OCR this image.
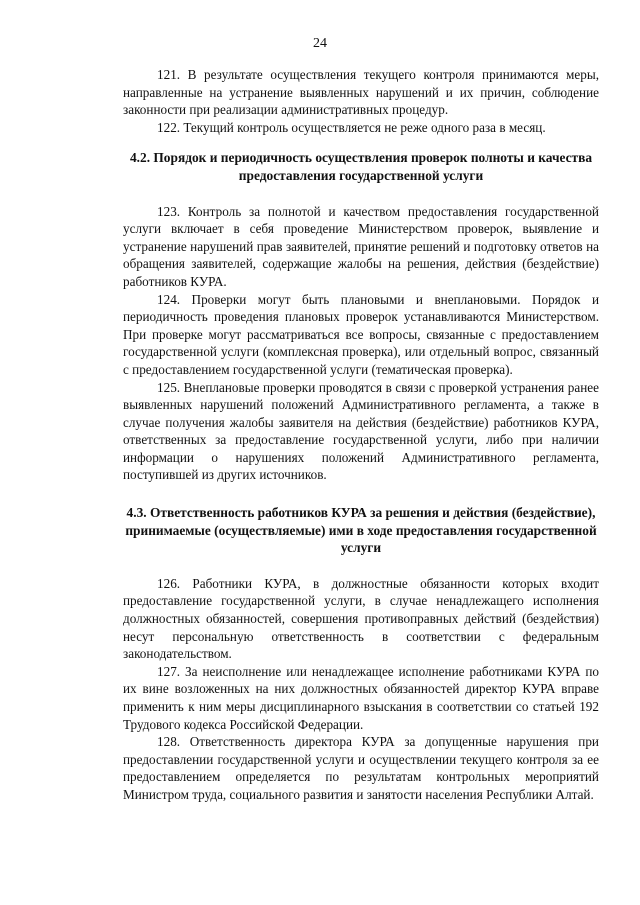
24

121. В результате осуществления текущего контроля принимаются меры, направленные на устранение выявленных нарушений и их причин, соблюдение законности при реализации административных процедур.

122. Текущий контроль осуществляется не реже одного раза в месяц.

4.2. Порядок и периодичность осуществления проверок полноты и качества предоставления государственной услуги

123. Контроль за полнотой и качеством предоставления государственной услуги включает в себя проведение Министерством проверок, выявление и устранение нарушений прав заявителей, принятие решений и подготовку ответов на обращения заявителей, содержащие жалобы на решения, действия (бездействие) работников КУРА.

124. Проверки могут быть плановыми и внеплановыми. Порядок и периодичность проведения плановых проверок устанавливаются Министерством. При проверке могут рассматриваться все вопросы, связанные с предоставлением государственной услуги (комплексная проверка), или отдельный вопрос, связанный с предоставлением государственной услуги (тематическая проверка).

125. Внеплановые проверки проводятся в связи с проверкой устранения ранее выявленных нарушений положений Административного регламента, а также в случае получения жалобы заявителя на действия (бездействие) работников КУРА, ответственных за предоставление государственной услуги, либо при наличии информации о нарушениях положений Административного регламента, поступившей из других источников.

4.3. Ответственность работников КУРА за решения и действия (бездействие), принимаемые (осуществляемые) ими в ходе предоставления государственной услуги

126. Работники КУРА, в должностные обязанности которых входит предоставление государственной услуги, в случае ненадлежащего исполнения должностных обязанностей, совершения противоправных действий (бездействия) несут персональную ответственность в соответствии с федеральным законодательством.

127. За неисполнение или ненадлежащее исполнение работниками КУРА по их вине возложенных на них должностных обязанностей директор КУРА вправе применить к ним меры дисциплинарного взыскания в соответствии со статьей 192 Трудового кодекса Российской Федерации.

128. Ответственность директора КУРА за допущенные нарушения при предоставлении государственной услуги и осуществлении текущего контроля за ее предоставлением определяется по результатам контрольных мероприятий Министром труда, социального развития и занятости населения Республики Алтай.
